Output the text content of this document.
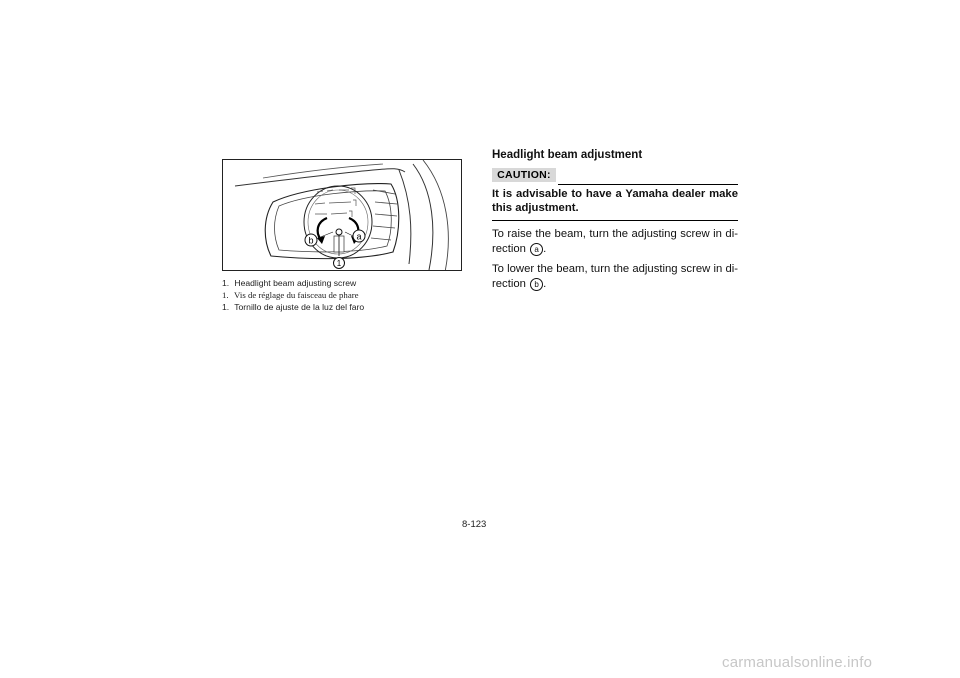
b	a
1
1. Headlight beam adjusting screw
1. Vis de réglage du faisceau de phare
1. Tornillo de ajuste de la luz del faro
Headlight beam adjustment
CAUTION:

It is advisable to have a Yamaha dealer make this adjustment.

To raise the beam, turn the adjusting screw in di-rection a .

To lower the beam, turn the adjusting screw in di-rection b .

8-123
carmanualsonline.info
